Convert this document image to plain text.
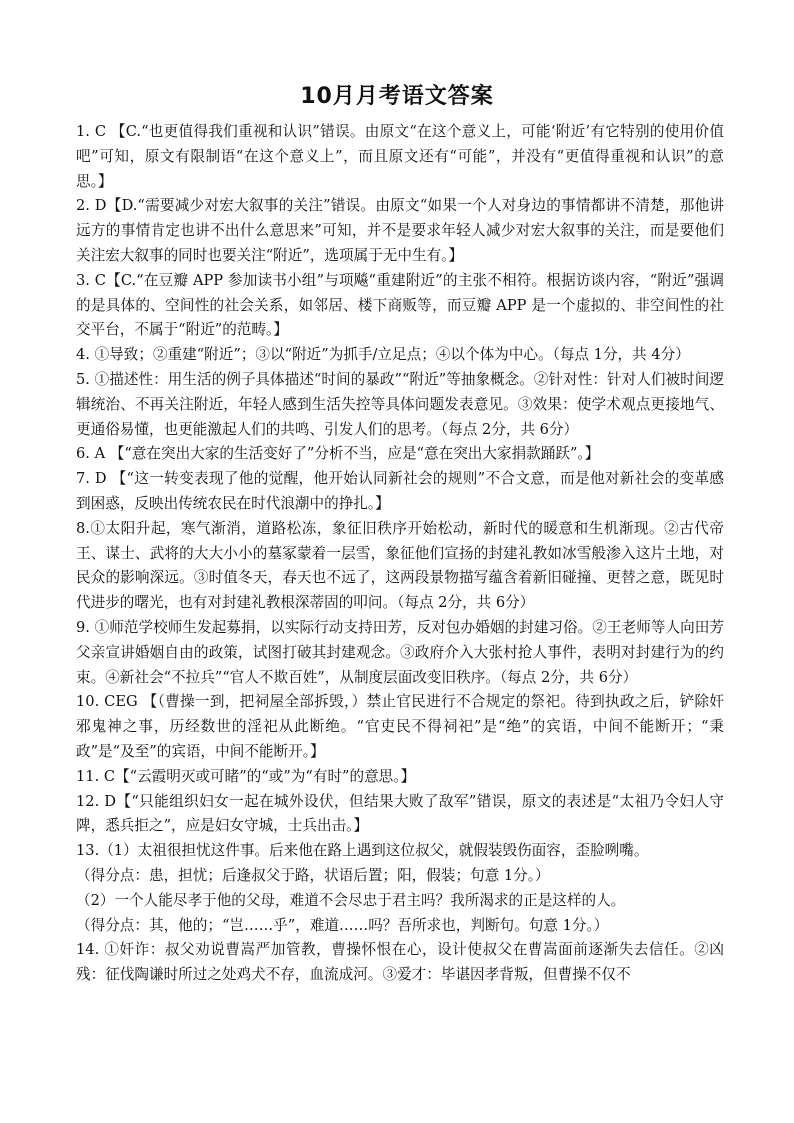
10月月考语文答案

1. C 【C.“也更值得我们重视和认识”错误。由原文“在这个意义上，可能‘附近’有它特别的使用价值吧”可知，原文有限制语“在这个意义上”，而且原文还有“可能”，并没有“更值得重视和认识”的意思。】

2. D【D.“需要减少对宏大叙事的关注”错误。由原文“如果一个人对身边的事情都讲不清楚，那他讲远方的事情肯定也讲不出什么意思来”可知，并不是要求年轻人减少对宏大叙事的关注，而是要他们关注宏大叙事的同时也要关注“附近”，选项属于无中生有。】

3. C【C.“在豆瓣 APP 参加读书小组”与项飚“重建附近”的主张不相符。根据访谈内容，“附近”强调的是具体的、空间性的社会关系，如邻居、楼下商贩等，而豆瓣 APP 是一个虚拟的、非空间性的社交平台，不属于“附近”的范畴。】

4. ①导致；②重建“附近”；③以“附近”为抓手/立足点；④以个体为中心。（每点 1分，共 4分）

5. ①描述性：用生活的例子具体描述“时间的暴政”“附近”等抽象概念。②针对性：针对人们被时间逻辑统治、不再关注附近，年轻人感到生活失控等具体问题发表意见。③效果：使学术观点更接地气、更通俗易懂，也更能激起人们的共鸣、引发人们的思考。（每点 2分，共 6分）

6. A 【“意在突出大家的生活变好了”分析不当，应是“意在突出大家捐款踊跃”。】

7. D 【“这一转变表现了他的觉醒，他开始认同新社会的规则”不合文意，而是他对新社会的变革感到困惑，反映出传统农民在时代浪潮中的挣扎。】

8.①太阳升起，寒气渐消，道路松冻，象征旧秩序开始松动，新时代的暖意和生机渐现。②古代帝王、谋士、武将的大大小小的墓冢蒙着一层雪，象征他们宣扬的封建礼教如冰雪般渗入这片土地，对民众的影响深远。③时值冬天，春天也不远了，这两段景物描写蕴含着新旧碰撞、更替之意，既见时代进步的曙光，也有对封建礼教根深蒂固的叩问。（每点 2分，共 6分）

9. ①师范学校师生发起募捐，以实际行动支持田芳，反对包办婚姻的封建习俗。②王老师等人向田芳父亲宣讲婚姻自由的政策，试图打破其封建观念。③政府介入大张村抢人事件，表明对封建行为的约束。④新社会“不拉兵”“官人不欺百姓”，从制度层面改变旧秩序。（每点 2分，共 6分）

10. CEG 【（曹操一到，把祠屋全部拆毁，）禁止官民进行不合规定的祭祀。待到执政之后，铲除奸邪鬼神之事，历经数世的淫祀从此断绝。“官吏民不得祠祀”是“绝”的宾语，中间不能断开；“秉政”是“及至”的宾语，中间不能断开。】

11. C【“云霞明灭或可睹”的“或”为“有时”的意思。】

12. D【“只能组织妇女一起在城外设伏，但结果大败了敌军”错误，原文的表述是“太祖乃令妇人守陴，悉兵拒之”，应是妇女守城，士兵出击。】

13.（1）太祖很担忧这件事。后来他在路上遇到这位叔父，就假装毁伤面容，歪脸咧嘴。

（得分点：患，担忧；后逢叔父于路，状语后置；阳，假装；句意 1分。）

（2）一个人能尽孝于他的父母，难道不会尽忠于君主吗？我所渴求的正是这样的人。

（得分点：其，他的；“岂……乎”，难道……吗？吾所求也，判断句。句意 1分。）

14. ①奸诈：叔父劝说曹嵩严加管教，曹操怀恨在心，设计使叔父在曹嵩面前逐渐失去信任。②凶残：征伐陶谦时所过之处鸡犬不存，血流成河。③爱才：毕谌因孝背叛，但曹操不仅不
